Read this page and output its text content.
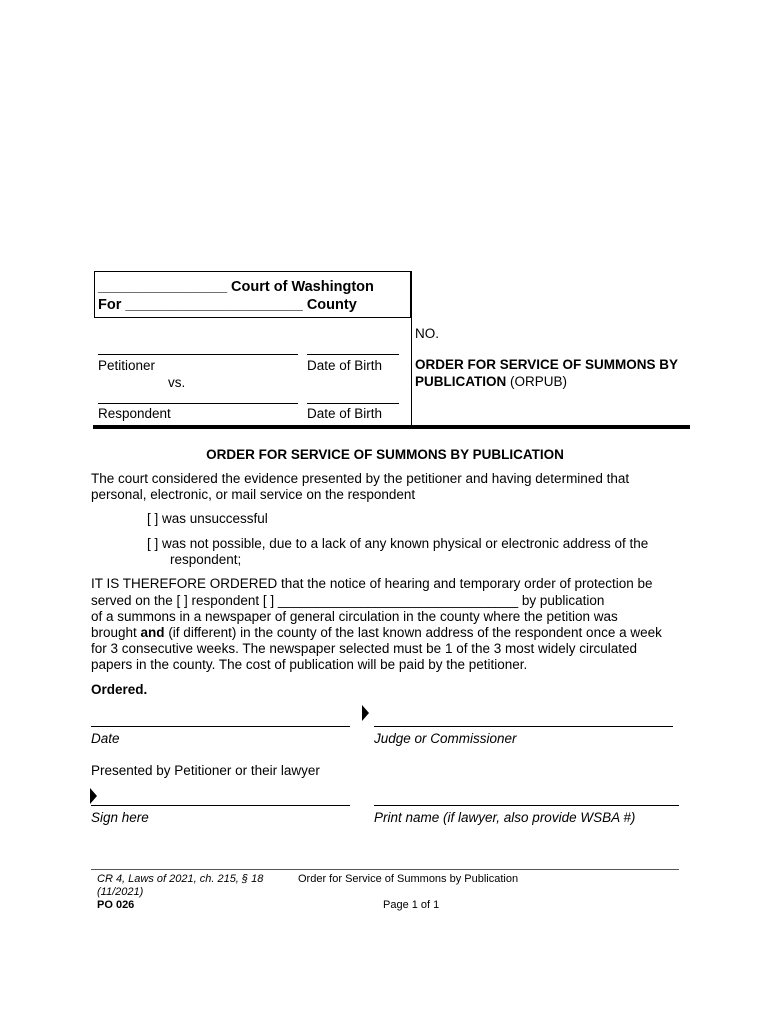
________________ Court of Washington
For ______________________ County
Petitioner	Date of Birth
vs.
Respondent	Date of Birth
NO.
ORDER FOR SERVICE OF SUMMONS BY
PUBLICATION (ORPUB)
ORDER FOR SERVICE OF SUMMONS BY PUBLICATION
The court considered the evidence presented by the petitioner and having determined that
personal, electronic, or mail service on the respondent
[ ] was unsuccessful
[ ] was not possible, due to a lack of any known physical or electronic address of the
respondent;
IT IS THEREFORE ORDERED that the notice of hearing and temporary order of protection be
served on the [ ] respondent [ ] ________________________________ by publication
of a summons in a newspaper of general circulation in the county where the petition was
brought and (if different) in the county of the last known address of the respondent once a week
for 3 consecutive weeks. The newspaper selected must be 1 of the 3 most widely circulated
papers in the county. The cost of publication will be paid by the petitioner.
Ordered.
Date	Judge or Commissioner
Presented by Petitioner or their lawyer
Sign here	Print name (if lawyer, also provide WSBA #)
CR 4, Laws of 2021, ch. 215, § 18
(11/2021)
PO 026
Order for Service of Summons by Publication
Page 1 of 1
